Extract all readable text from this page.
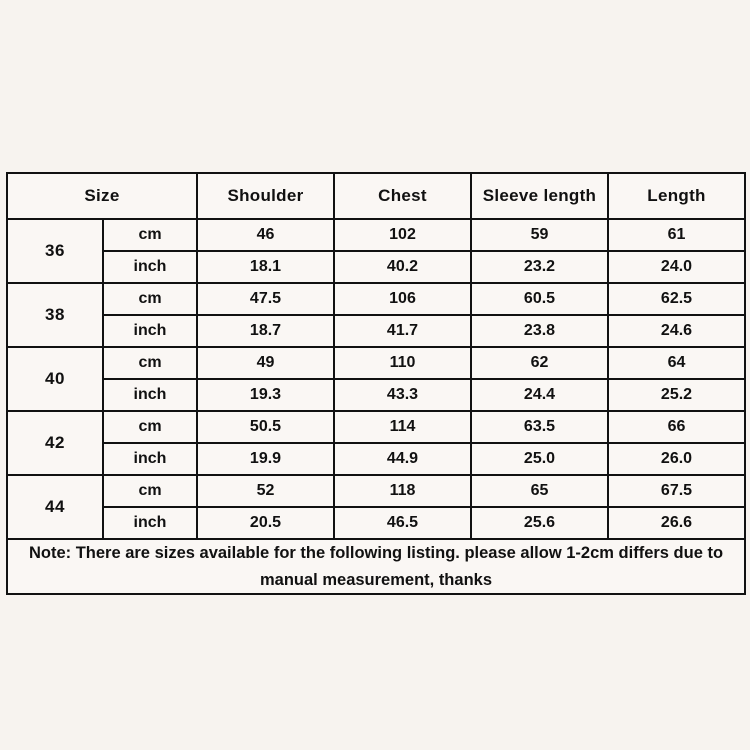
Size		Shoulder	Chest	Sleeve length	Length
36	cm	46	102	59	61
	inch	18.1	40.2	23.2	24.0
38	cm	47.5	106	60.5	62.5
	inch	18.7	41.7	23.8	24.6
40	cm	49	110	62	64
	inch	19.3	43.3	24.4	25.2
42	cm	50.5	114	63.5	66
	inch	19.9	44.9	25.0	26.0
44	cm	52	118	65	67.5
	inch	20.5	46.5	25.6	26.6

Note: There are sizes available for the following listing. please allow 1-2cm differs due to
manual measurement, thanks					
